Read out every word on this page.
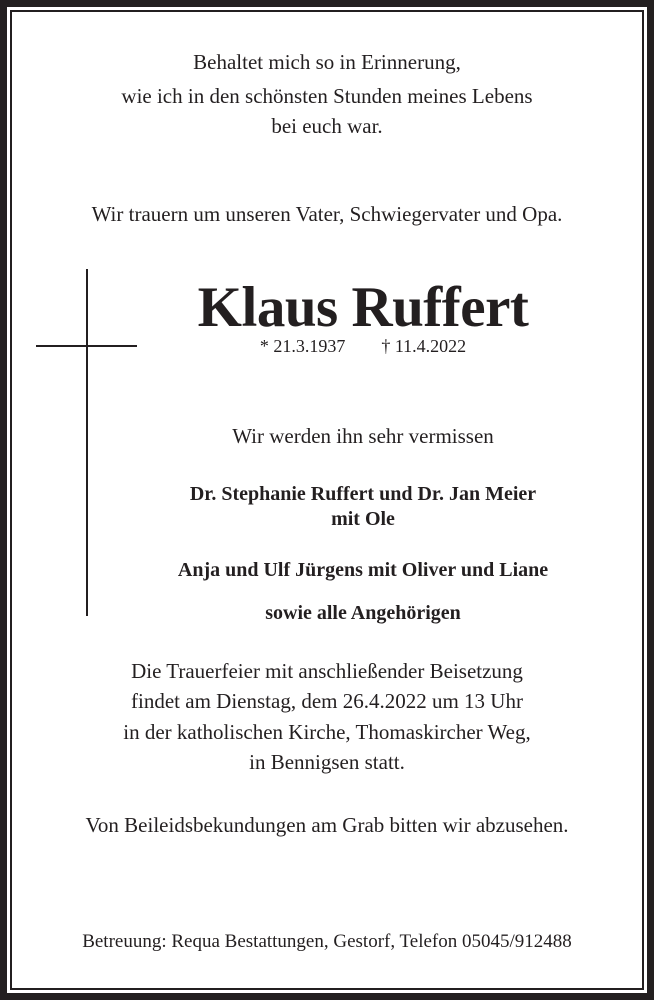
Behaltet mich so in Erinnerung,
wie ich in den schönsten Stunden meines Lebens
bei euch war.
Wir trauern um unseren Vater, Schwiegervater und Opa.
Klaus Ruffert
* 21.3.1937 † 11.4.2022
Wir werden ihn sehr vermissen
Dr. Stephanie Ruffert und Dr. Jan Meier
mit Ole
Anja und Ulf Jürgens mit Oliver und Liane
sowie alle Angehörigen
Die Trauerfeier mit anschließender Beisetzung
findet am Dienstag, dem 26.4.2022 um 13 Uhr
in der katholischen Kirche, Thomaskircher Weg,
in Bennigsen statt.
Von Beileidsbekundungen am Grab bitten wir abzusehen.
Betreuung: Requa Bestattungen, Gestorf, Telefon 05045/912488
